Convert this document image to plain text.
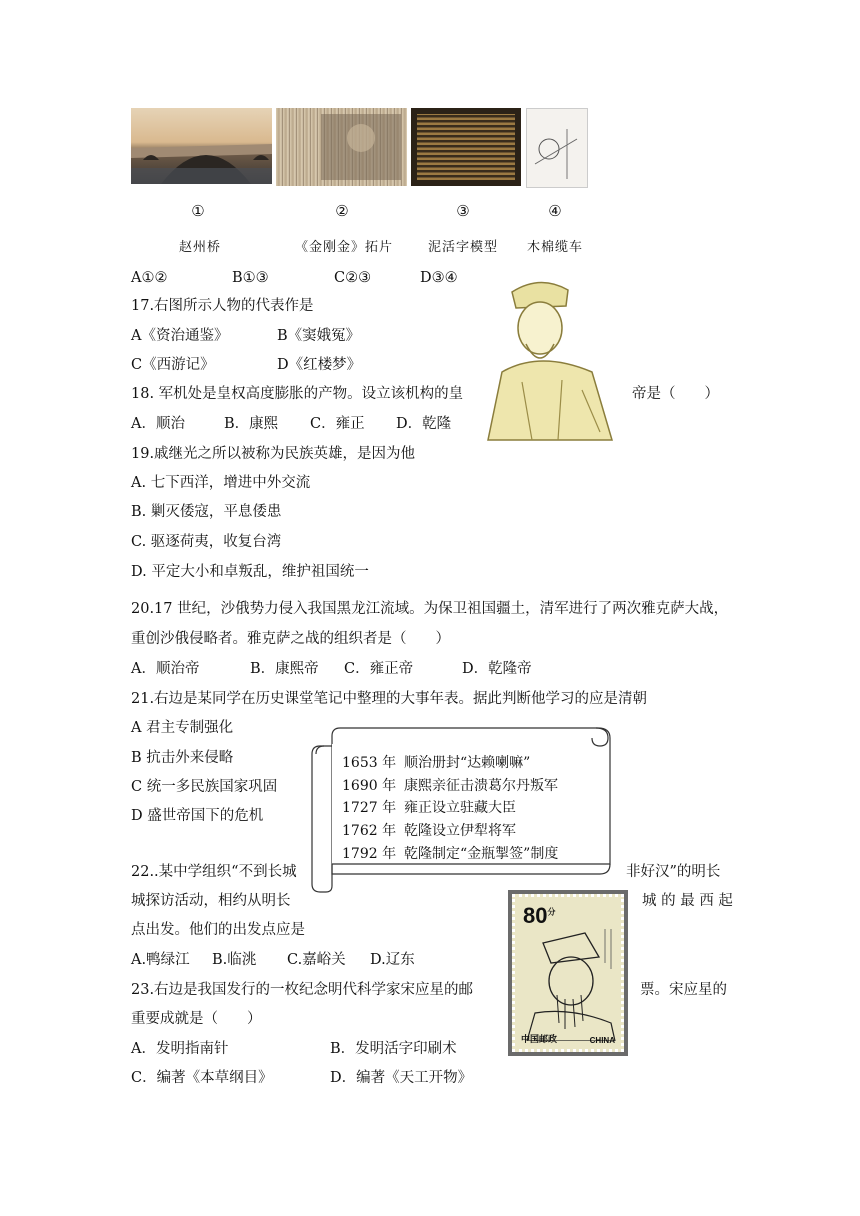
①	②	③	④
赵州桥	《金刚金》拓片	泥活字模型	木棉缆车
A①②	B①③	C②③	D③④
17.右图所示人物的代表作是
A《资治通鉴》	B《窦娥冤》
C《西游记》	D《红楼梦》
18. 军机处是皇权高度膨胀的产物。设立该机构的皇	帝是（　　）
A．顺治	B．康熙 C．雍正 D．乾隆
19.戚继光之所以被称为民族英雄，是因为他
A. 七下西洋，增进中外交流
B. 剿灭倭寇，平息倭患
C. 驱逐荷夷，收复台湾
D. 平定大小和卓叛乱，维护祖国统一
20.17 世纪，沙俄势力侵入我国黑龙江流域。为保卫祖国疆土，清军进行了两次雅克萨大战，
重创沙俄侵略者。雅克萨之战的组织者是（　　）
A．顺治帝	B．康熙帝 C．雍正帝	D．乾隆帝
21.右边是某同学在历史课堂笔记中整理的大事年表。据此判断他学习的应是清朝
A 君主专制强化
B 抗击外来侵略
C 统一多民族国家巩固
D 盛世帝国下的危机
1653 年 顺治册封“达赖喇嘛”
1690 年 康熙亲征击溃葛尔丹叛军
1727 年 雍正设立驻藏大臣
1762 年 乾隆设立伊犁将军
1792 年 乾隆制定“金瓶掣签”制度
22..某中学组织“不到长城	非好汉”的明长
城探访活动，相约从明长	城 的 最 西 起
点出发。他们的出发点应是
A.鸭绿江 B.临洮 C.嘉峪关 D.辽东
$80^分$
中国邮政	CHINA
23.右边是我国发行的一枚纪念明代科学家宋应星的邮	票。宋应星的
重要成就是（　　）
A．发明指南针	B．发明活字印刷术
C．编著《本草纲目》	D．编著《天工开物》
